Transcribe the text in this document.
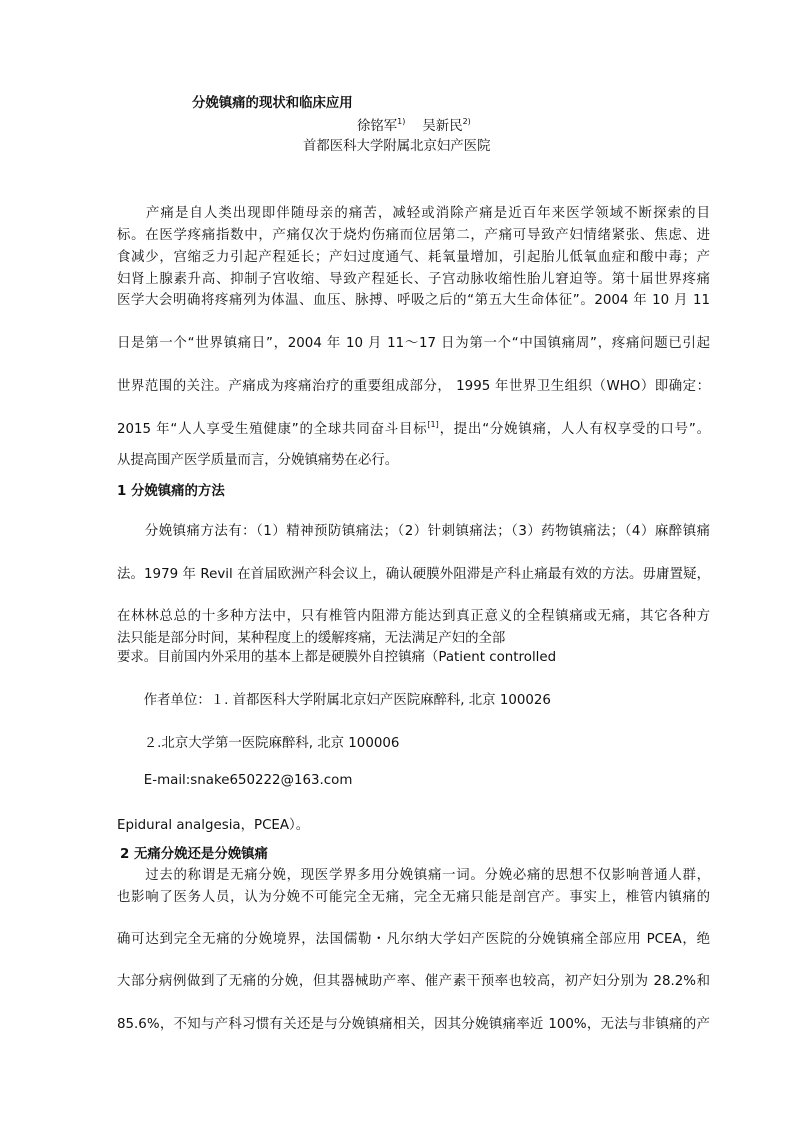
分娩镇痛的现状和临床应用
徐铭军$^{1)}$ 吴新民$^{2)}$
首都医科大学附属北京妇产医院
　　产痛是自人类出现即伴随母亲的痛苦，减轻或消除产痛是近百年来医学领域不断探索的目
标。在医学疼痛指数中，产痛仅次于烧灼伤痛而位居第二，产痛可导致产妇情绪紧张、焦虑、进
食减少，宫缩乏力引起产程延长；产妇过度通气、耗氧量增加，引起胎儿低氧血症和酸中毒；产
妇肾上腺素升高、抑制子宫收缩、导致产程延长、子宫动脉收缩性胎儿窘迫等。第十届世界疼痛
医学大会明确将疼痛列为体温、血压、脉搏、呼吸之后的“第五大生命体征”。2004 年 10 月 11
日是第一个“世界镇痛日”，2004 年 10 月 11～17 日为第一个“中国镇痛周”，疼痛问题已引起
世界范围的关注。产痛成为疼痛治疗的重要组成部分， 1995 年世界卫生组织（WHO）即确定：
2015 年“人人享受生殖健康”的全球共同奋斗目标[1]，提出“分娩镇痛，人人有权享受的口号”。
从提高围产医学质量而言，分娩镇痛势在必行。
1 分娩镇痛的方法
　　分娩镇痛方法有：（1）精神预防镇痛法；（2）针刺镇痛法；（3）药物镇痛法；（4）麻醉镇痛
法。1979 年 Revil 在首届欧洲产科会议上，确认硬膜外阻滞是产科止痛最有效的方法。毋庸置疑，
在林林总总的十多种方法中，只有椎管内阻滞方能达到真正意义的全程镇痛或无痛，其它各种方
法只能是部分时间，某种程度上的缓解疼痛，无法满足产妇的全部
要求。目前国内外采用的基本上都是硬膜外自控镇痛（Patient controlled
　　作者单位：１. 首都医科大学附属北京妇产医院麻醉科, 北京 100026
　　２.北京大学第一医院麻醉科, 北京 100006
　　E-mail:snake650222@163.com
Epidural analgesia，PCEA）。
2 无痛分娩还是分娩镇痛
　　过去的称谓是无痛分娩，现医学界多用分娩镇痛一词。分娩必痛的思想不仅影响普通人群，
也影响了医务人员，认为分娩不可能完全无痛，完全无痛只能是剖宫产。事实上，椎管内镇痛的
确可达到完全无痛的分娩境界，法国儒勒・凡尔纳大学妇产医院的分娩镇痛全部应用 PCEA，绝
大部分病例做到了无痛的分娩，但其器械助产率、催产素干预率也较高，初产妇分别为 28.2%和
85.6%，不知与产科习惯有关还是与分娩镇痛相关，因其分娩镇痛率近 100%，无法与非镇痛的产
